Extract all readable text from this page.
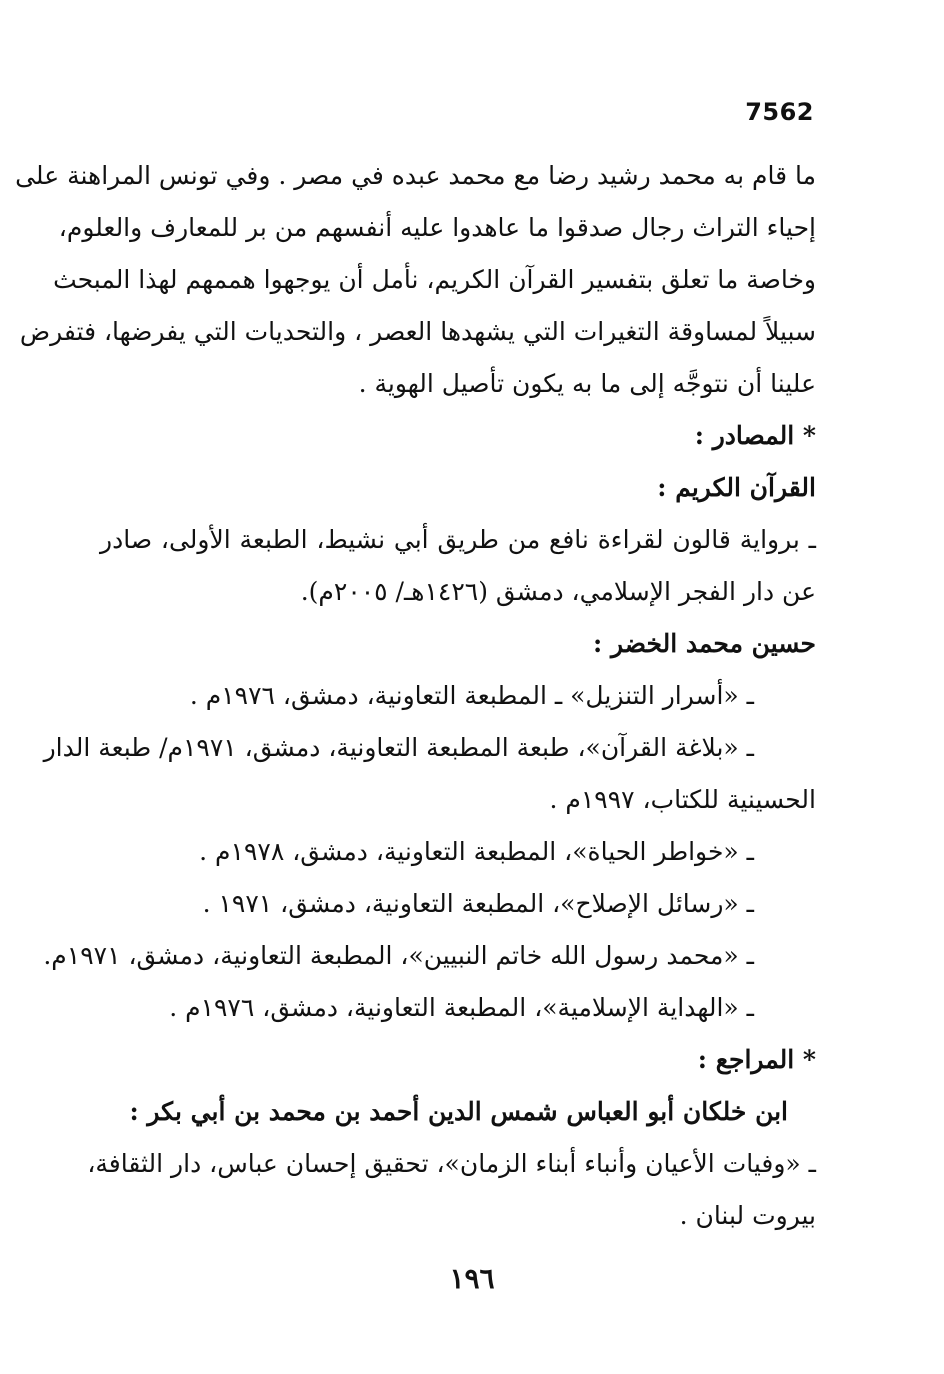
7562
ما قام به محمد رشيد رضا مع محمد عبده في مصر . وفي تونس المراهنة على
إحياء التراث رجال صدقوا ما عاهدوا عليه أنفسهم من بر للمعارف والعلوم،
وخاصة ما تعلق بتفسير القرآن الكريم، نأمل أن يوجهوا هممهم لهذا المبحث
سبيلاً لمساوقة التغيرات التي يشهدها العصر ، والتحديات التي يفرضها، فتفرض
علينا أن نتوجَّه إلى ما به يكون تأصيل الهوية .
* المصادر :
القرآن الكريم :
ـ برواية قالون لقراءة نافع من طريق أبي نشيط، الطبعة الأولى، صادر
عن دار الفجر الإسلامي، دمشق (١٤٢٦هـ/ ٢٠٠٥م).
حسين محمد الخضر :
ـ «أسرار التنزيل» ـ المطبعة التعاونية، دمشق، ١٩٧٦م .
ـ «بلاغة القرآن»، طبعة المطبعة التعاونية، دمشق، ١٩٧١م/ طبعة الدار
الحسينية للكتاب، ١٩٩٧م .
ـ «خواطر الحياة»، المطبعة التعاونية، دمشق، ١٩٧٨م .
ـ «رسائل الإصلاح»، المطبعة التعاونية، دمشق، ١٩٧١ .
ـ «محمد رسول الله خاتم النبيين»، المطبعة التعاونية، دمشق، ١٩٧١م.
ـ «الهداية الإسلامية»، المطبعة التعاونية، دمشق، ١٩٧٦م .
* المراجع :
ابن خلكان أبو العباس شمس الدين أحمد بن محمد بن أبي بكر :
ـ «وفيات الأعيان وأنباء أبناء الزمان»، تحقيق إحسان عباس، دار الثقافة،
بيروت لبنان .
١٩٦
